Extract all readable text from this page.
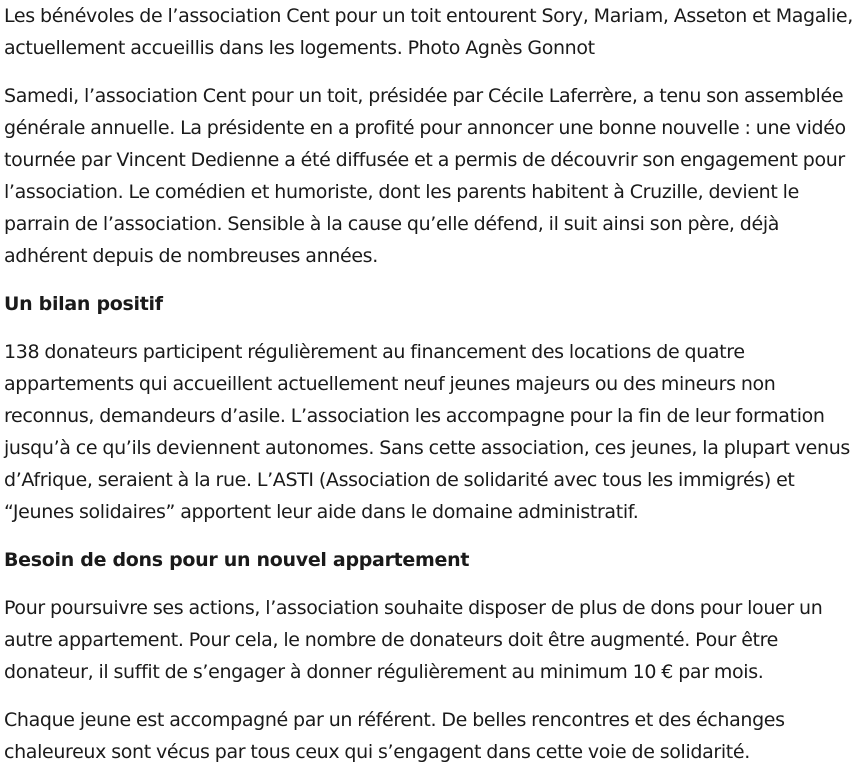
Les bénévoles de l’association Cent pour un toit entourent Sory, Mariam, Asseton et Magalie, actuellement accueillis dans les logements. Photo Agnès Gonnot

Samedi, l’association Cent pour un toit, présidée par Cécile Laferrère, a tenu son assemblée générale annuelle. La présidente en a profité pour annoncer une bonne nouvelle : une vidéo tournée par Vincent Dedienne a été diffusée et a permis de découvrir son engagement pour l’association. Le comédien et humoriste, dont les parents habitent à Cruzille, devient le parrain de l’association. Sensible à la cause qu’elle défend, il suit ainsi son père, déjà adhérent depuis de nombreuses années.

Un bilan positif

138 donateurs participent régulièrement au financement des locations de quatre appartements qui accueillent actuellement neuf jeunes majeurs ou des mineurs non reconnus, demandeurs d’asile. L’association les accompagne pour la fin de leur formation jusqu’à ce qu’ils deviennent autonomes. Sans cette association, ces jeunes, la plupart venus d’Afrique, seraient à la rue. L’ASTI (Association de solidarité avec tous les immigrés) et “Jeunes solidaires” apportent leur aide dans le domaine administratif.

Besoin de dons pour un nouvel appartement

Pour poursuivre ses actions, l’association souhaite disposer de plus de dons pour louer un autre appartement. Pour cela, le nombre de donateurs doit être augmenté. Pour être donateur, il suffit de s’engager à donner régulièrement au minimum 10 € par mois.

Chaque jeune est accompagné par un référent. De belles rencontres et des échanges chaleureux sont vécus par tous ceux qui s’engagent dans cette voie de solidarité.
